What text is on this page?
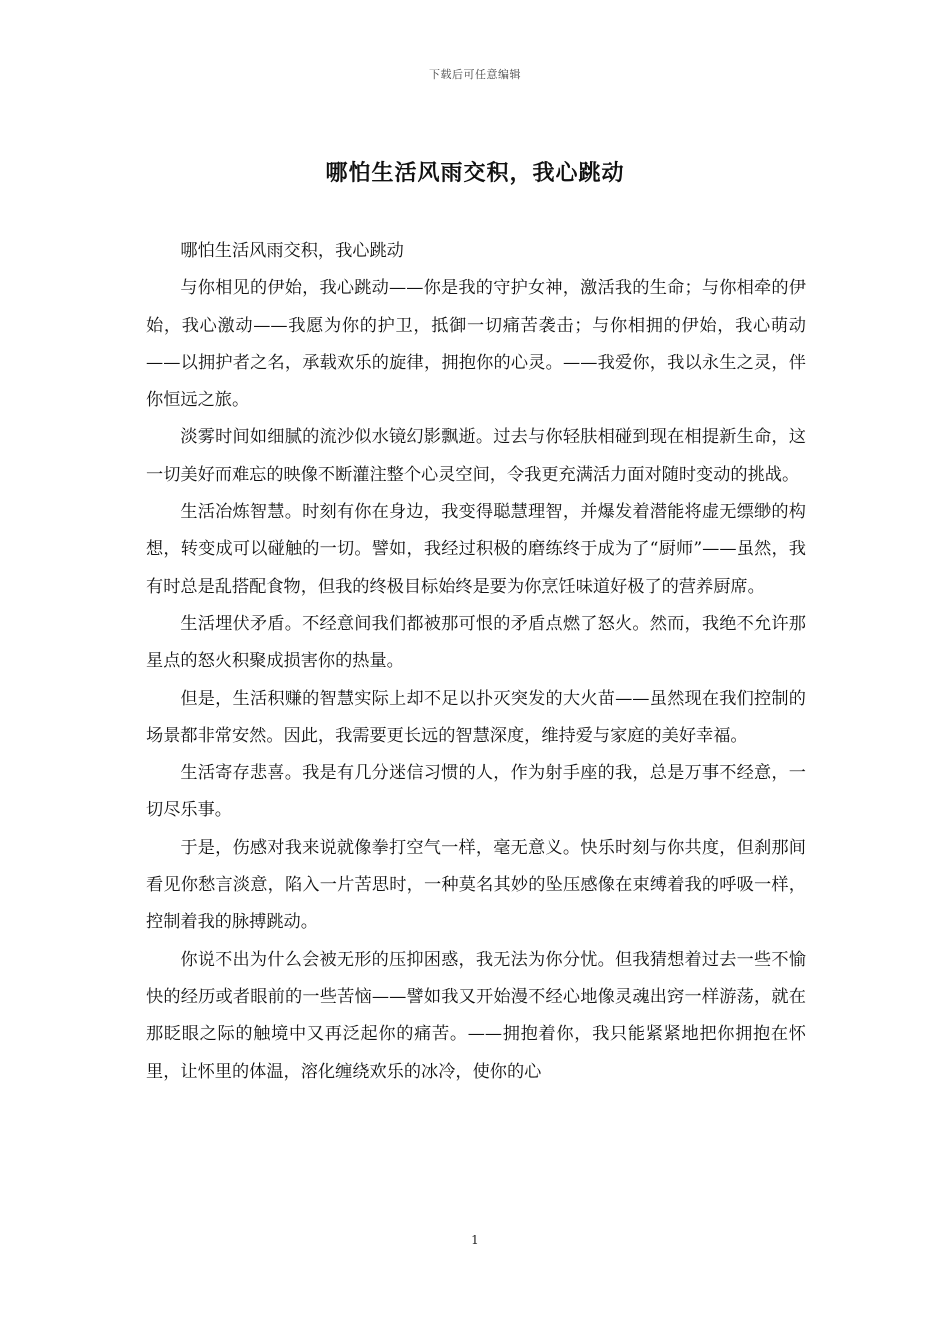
下载后可任意编辑
哪怕生活风雨交积，我心跳动

哪怕生活风雨交积，我心跳动

与你相见的伊始，我心跳动——你是我的守护女神，激活我的生命；与你相牵的伊始，我心激动——我愿为你的护卫，抵御一切痛苦袭击；与你相拥的伊始，我心萌动——以拥护者之名，承载欢乐的旋律，拥抱你的心灵。——我爱你，我以永生之灵，伴你恒远之旅。

淡雾时间如细腻的流沙似水镜幻影飘逝。过去与你轻肤相碰到现在相提新生命，这一切美好而难忘的映像不断灌注整个心灵空间，令我更充满活力面对随时变动的挑战。

生活冶炼智慧。时刻有你在身边，我变得聪慧理智，并爆发着潜能将虚无缥缈的构想，转变成可以碰触的一切。譬如，我经过积极的磨练终于成为了“厨师”——虽然，我有时总是乱搭配食物，但我的终极目标始终是要为你烹饪味道好极了的营养厨席。

生活埋伏矛盾。不经意间我们都被那可恨的矛盾点燃了怒火。然而，我绝不允许那星点的怒火积聚成损害你的热量。

但是，生活积赚的智慧实际上却不足以扑灭突发的大火苗——虽然现在我们控制的场景都非常安然。因此，我需要更长远的智慧深度，维持爱与家庭的美好幸福。

生活寄存悲喜。我是有几分迷信习惯的人，作为射手座的我，总是万事不经意，一切尽乐事。

于是，伤感对我来说就像拳打空气一样，毫无意义。快乐时刻与你共度，但刹那间看见你愁言淡意，陷入一片苦思时，一种莫名其妙的坠压感像在束缚着我的呼吸一样，控制着我的脉搏跳动。

你说不出为什么会被无形的压抑困惑，我无法为你分忧。但我猜想着过去一些不愉快的经历或者眼前的一些苦恼——譬如我又开始漫不经心地像灵魂出窍一样游荡，就在那眨眼之际的触境中又再泛起你的痛苦。——拥抱着你，我只能紧紧地把你拥抱在怀里，让怀里的体温，溶化缠绕欢乐的冰冷，使你的心

1
